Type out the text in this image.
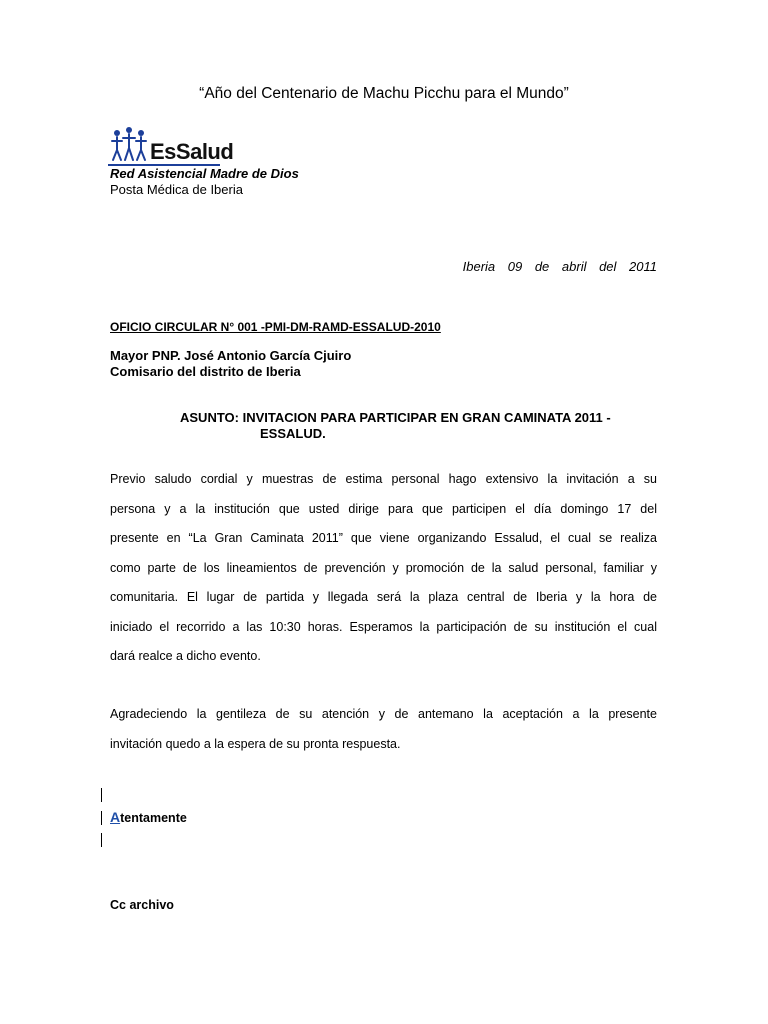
“Año del Centenario de Machu Picchu para el Mundo”
EsSalud
Red Asistencial Madre de Dios
Posta Médica de Iberia
Iberia 09 de abril del 2011
OFICIO CIRCULAR N° 001 -PMI-DM-RAMD-ESSALUD-2010
Mayor PNP. José Antonio García Cjuiro
Comisario del distrito de Iberia
ASUNTO: INVITACION PARA PARTICIPAR EN GRAN CAMINATA 2011 -
ESSALUD.
Previo saludo cordial y muestras de estima personal hago extensivo la invitación a su
persona y a la institución que usted dirige para que participen el día domingo 17 del
presente en “La Gran Caminata 2011” que viene organizando Essalud, el cual se realiza
como parte de los lineamientos de prevención y promoción de la salud personal, familiar y
comunitaria. El lugar de partida y llegada será la plaza central de Iberia y la hora de
iniciado el recorrido a las 10:30 horas. Esperamos la participación de su institución el cual
dará realce a dicho evento.
Agradeciendo la gentileza de su atención y de antemano la aceptación a la presente
invitación quedo a la espera de su pronta respuesta.
Atentamente
Cc archivo
